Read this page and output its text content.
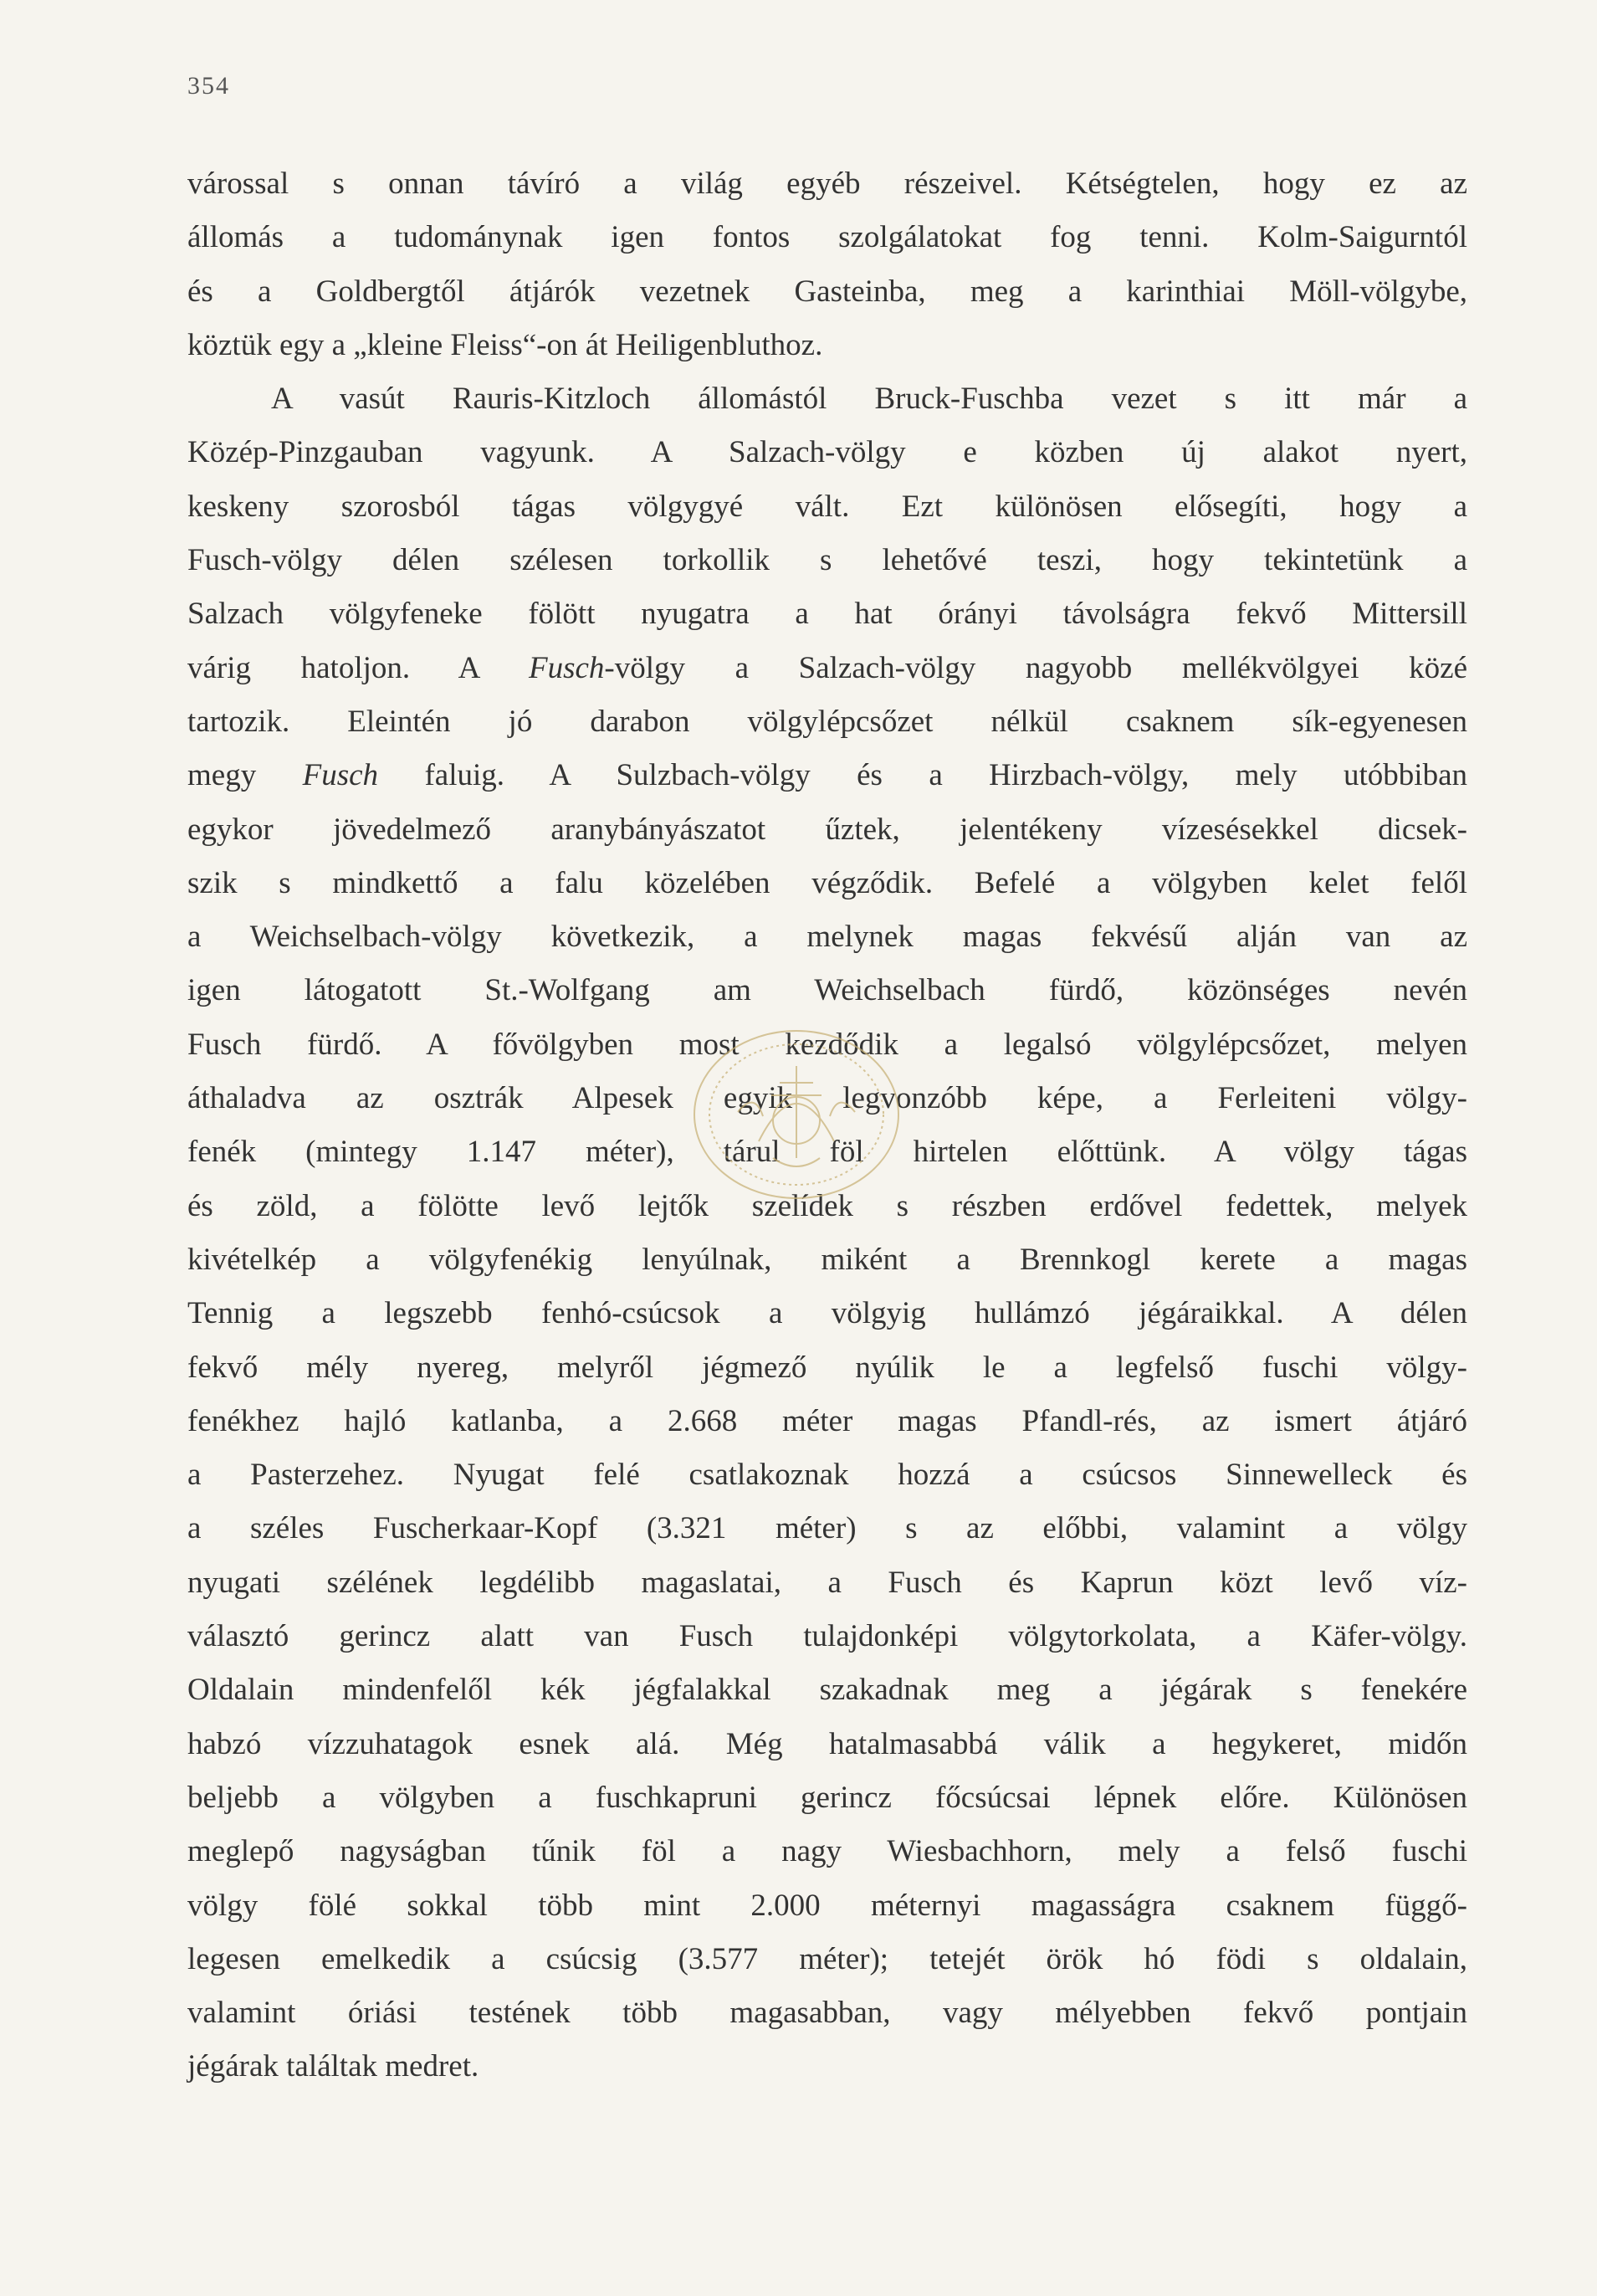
354
várossal s onnan távíró a világ egyéb részeivel. Kétségtelen, hogy ez az
állomás a tudománynak igen fontos szolgálatokat fog tenni. Kolm-Saigurntól
és a Goldbergtől átjárók vezetnek Gasteinba, meg a karinthiai Möll-völgybe,
köztük egy a „kleine Fleiss“-on át Heiligenbluthoz.
A vasút Rauris-Kitzloch állomástól Bruck-Fuschba vezet s itt már a
Közép-Pinzgauban vagyunk. A Salzach-völgy e közben új alakot nyert,
keskeny szorosból tágas völgygyé vált. Ezt különösen elősegíti, hogy a
Fusch-völgy délen szélesen torkollik s lehetővé teszi, hogy tekintetünk a
Salzach völgyfeneke fölött nyugatra a hat órányi távolságra fekvő Mittersill
várig hatoljon. A Fusch-völgy a Salzach-völgy nagyobb mellékvölgyei közé
tartozik. Eleintén jó darabon völgylépcsőzet nélkül csaknem sík-egyenesen
megy Fusch faluig. A Sulzbach-völgy és a Hirzbach-völgy, mely utóbbiban
egykor jövedelmező aranybányászatot űztek, jelentékeny vízesésekkel dicsek-
szik s mindkettő a falu közelében végződik. Befelé a völgyben kelet felől
a Weichselbach-völgy következik, a melynek magas fekvésű alján van az
igen látogatott St.-Wolfgang am Weichselbach fürdő, közönséges nevén
Fusch fürdő. A fővölgyben most kezdődik a legalsó völgylépcsőzet, melyen
áthaladva az osztrák Alpesek egyik legvonzóbb képe, a Ferleiteni völgy-
fenék (mintegy 1.147 méter), tárul föl hirtelen előttünk. A völgy tágas
és zöld, a fölötte levő lejtők szelídek s részben erdővel fedettek, melyek
kivételkép a völgyfenékig lenyúlnak, miként a Brennkogl kerete a magas
Tennig a legszebb fenhó-csúcsok a völgyig hullámzó jégáraikkal. A délen
fekvő mély nyereg, melyről jégmező nyúlik le a legfelső fuschi völgy-
fenékhez hajló katlanba, a 2.668 méter magas Pfandl-rés, az ismert átjáró
a Pasterzehez. Nyugat felé csatlakoznak hozzá a csúcsos Sinnewelleck és
a széles Fuscherkaar-Kopf (3.321 méter) s az előbbi, valamint a völgy
nyugati szélének legdélibb magaslatai, a Fusch és Kaprun közt levő víz-
választó gerincz alatt van Fusch tulajdonképi völgytorkolata, a Käfer-völgy.
Oldalain mindenfelől kék jégfalakkal szakadnak meg a jégárak s fenekére
habzó vízzuhatagok esnek alá. Még hatalmasabbá válik a hegykeret, midőn
beljebb a völgyben a fuschkapruni gerincz főcsúcsai lépnek előre. Különösen
meglepő nagyságban tűnik föl a nagy Wiesbachhorn, mely a felső fuschi
völgy fölé sokkal több mint 2.000 méternyi magasságra csaknem függő-
legesen emelkedik a csúcsig (3.577 méter); tetejét örök hó födi s oldalain,
valamint óriási testének több magasabban, vagy mélyebben fekvő pontjain
jégárak találtak medret.
